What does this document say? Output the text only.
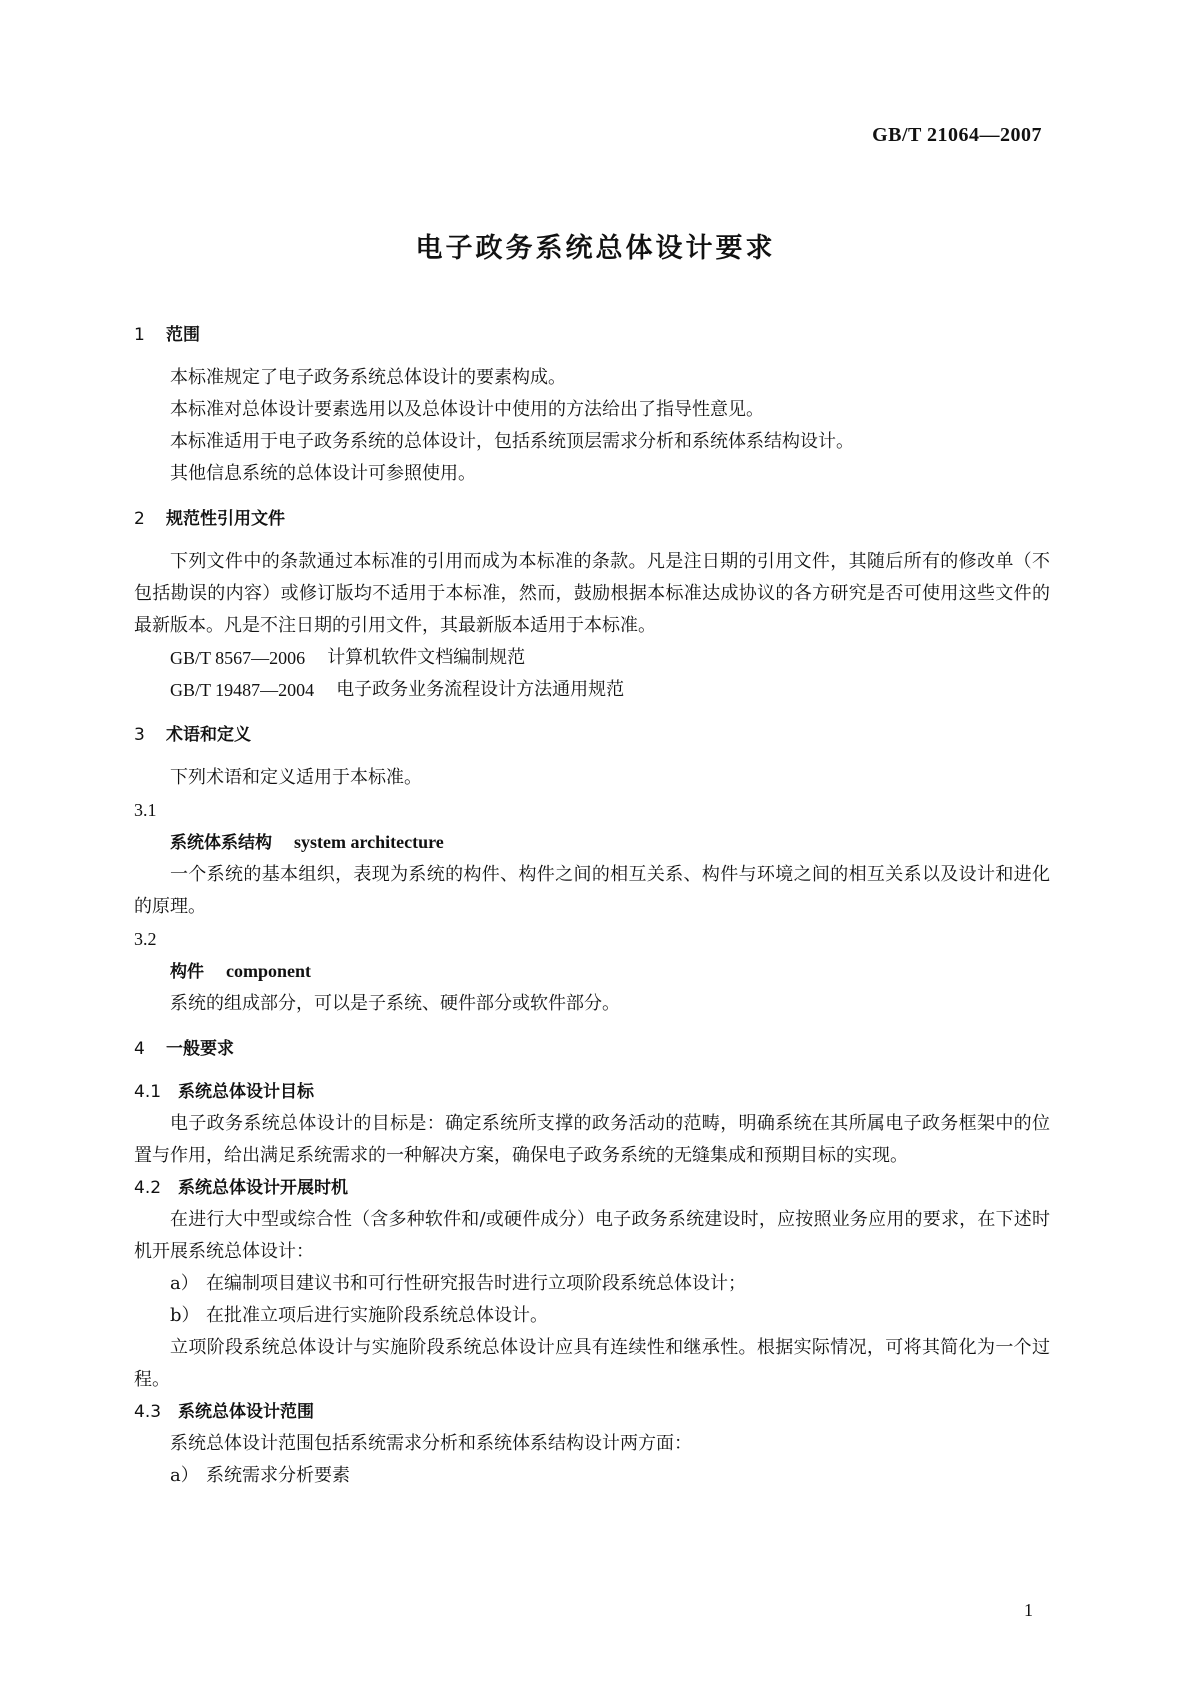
GB/T 21064—2007
电子政务系统总体设计要求
1	范围

本标准规定了电子政务系统总体设计的要素构成。

本标准对总体设计要素选用以及总体设计中使用的方法给出了指导性意见。

本标准适用于电子政务系统的总体设计，包括系统顶层需求分析和系统体系结构设计。

其他信息系统的总体设计可参照使用。

2	规范性引用文件

下列文件中的条款通过本标准的引用而成为本标准的条款。凡是注日期的引用文件，其随后所有的修改单（不包括勘误的内容）或修订版均不适用于本标准，然而，鼓励根据本标准达成协议的各方研究是否可使用这些文件的最新版本。凡是不注日期的引用文件，其最新版本适用于本标准。

GB/T 8567—2006 计算机软件文档编制规范
GB/T 19487—2004 电子政务业务流程设计方法通用规范
3	术语和定义

下列术语和定义适用于本标准。

3.1
系统体系结构 system architecture

一个系统的基本组织，表现为系统的构件、构件之间的相互关系、构件与环境之间的相互关系以及设计和进化的原理。

3.2
构件 component

系统的组成部分，可以是子系统、硬件部分或软件部分。

4	一般要求
4.1 系统总体设计目标

电子政务系统总体设计的目标是：确定系统所支撑的政务活动的范畴，明确系统在其所属电子政务框架中的位置与作用，给出满足系统需求的一种解决方案，确保电子政务系统的无缝集成和预期目标的实现。

4.2 系统总体设计开展时机

在进行大中型或综合性（含多种软件和/或硬件成分）电子政务系统建设时，应按照业务应用的要求，在下述时机开展系统总体设计：

a） 在编制项目建议书和可行性研究报告时进行立项阶段系统总体设计；
b） 在批准立项后进行实施阶段系统总体设计。

立项阶段系统总体设计与实施阶段系统总体设计应具有连续性和继承性。根据实际情况，可将其简化为一个过程。

4.3 系统总体设计范围

系统总体设计范围包括系统需求分析和系统体系结构设计两方面：

a） 系统需求分析要素
1
